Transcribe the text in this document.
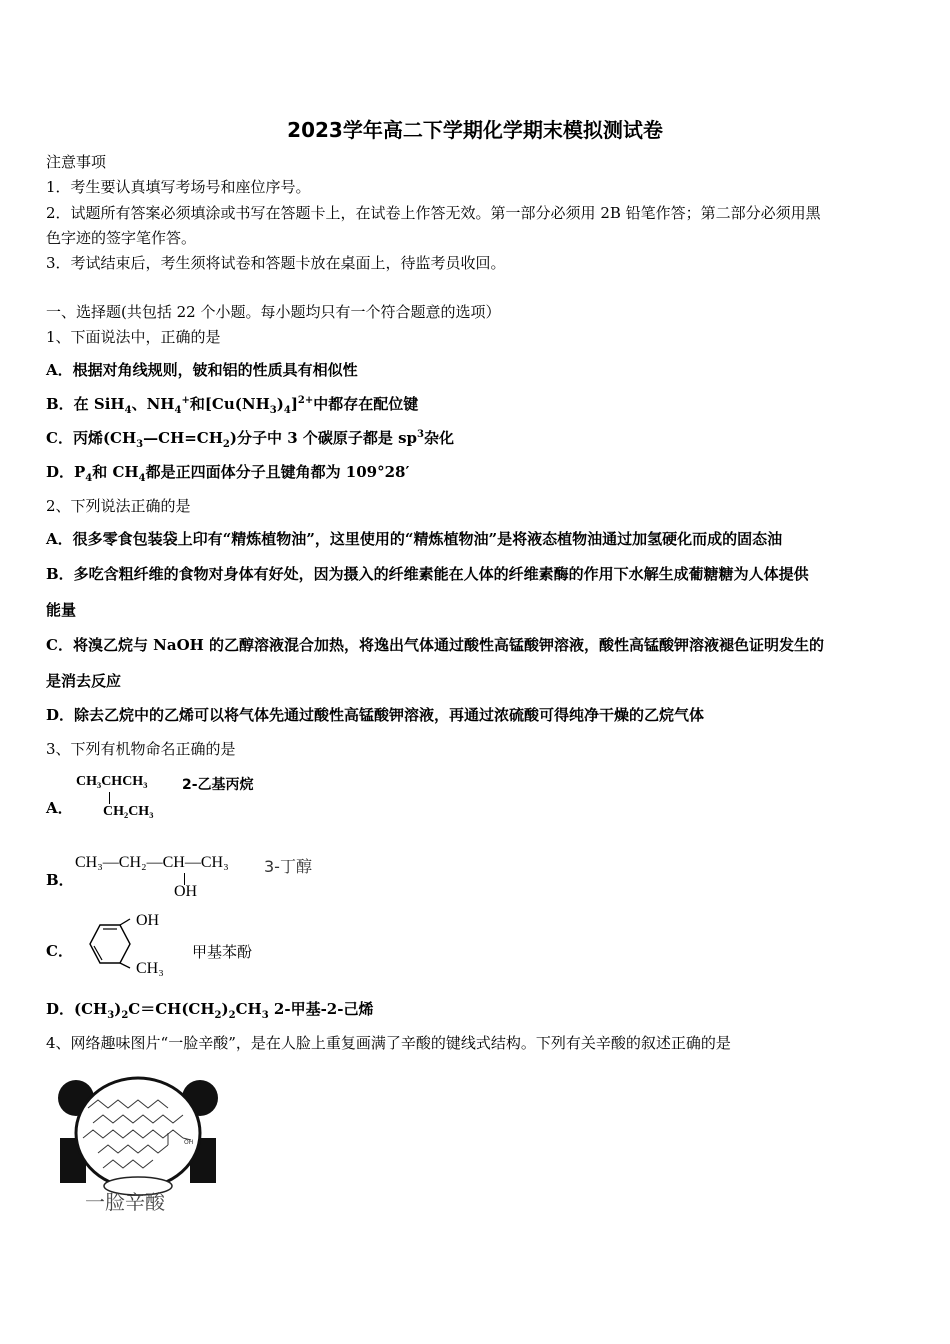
2023学年高二下学期化学期末模拟测试卷
注意事项
1．考生要认真填写考场号和座位序号。
2．试题所有答案必须填涂或书写在答题卡上，在试卷上作答无效。第一部分必须用 2B 铅笔作答；第二部分必须用黑
色字迹的签字笔作答。
3．考试结束后，考生须将试卷和答题卡放在桌面上，待监考员收回。
一、选择题(共包括 22 个小题。每小题均只有一个符合题意的选项）
1、下面说法中，正确的是
A．根据对角线规则，铍和铝的性质具有相似性
B．在 SiH$_4$、$NH_4^+$和$[Cu(NH_3)_4]^{2+}$中都存在配位键
C．丙烯$(CH_3—CH=CH_2)$分子中 3 个碳原子都是 $sp^3$杂化
D．$P_4$和 $CH_4$都是正四面体分子且键角都为 109°28′
2、下列说法正确的是
A．很多零食包装袋上印有“精炼植物油”，这里使用的“精炼植物油”是将液态植物油通过加氢硬化而成的固态油
B．多吃含粗纤维的食物对身体有好处，因为摄入的纤维素能在人体的纤维素酶的作用下水解生成葡糖糖为人体提供
能量
C．将溴乙烷与 NaOH 的乙醇溶液混合加热，将逸出气体通过酸性高锰酸钾溶液，酸性高锰酸钾溶液褪色证明发生的
是消去反应
D．除去乙烷中的乙烯可以将气体先通过酸性高锰酸钾溶液，再通过浓硫酸可得纯净干燥的乙烷气体
3、下列有机物命名正确的是
A．
CH₃CHCH₃
CH₂CH₃
2-乙基丙烷
B．
CH₃—CH₂—CH—CH₃
OH
3-丁醇
C．
OH
CH₃
甲基苯酚
D．$(CH_3)_2C=CH(CH_2)_2CH_3$ 2-甲基-2-己烯
4、网络趣味图片“一脸辛酸”，是在人脸上重复画满了辛酸的键线式结构。下列有关辛酸的叙述正确的是
OH
一脸辛酸
